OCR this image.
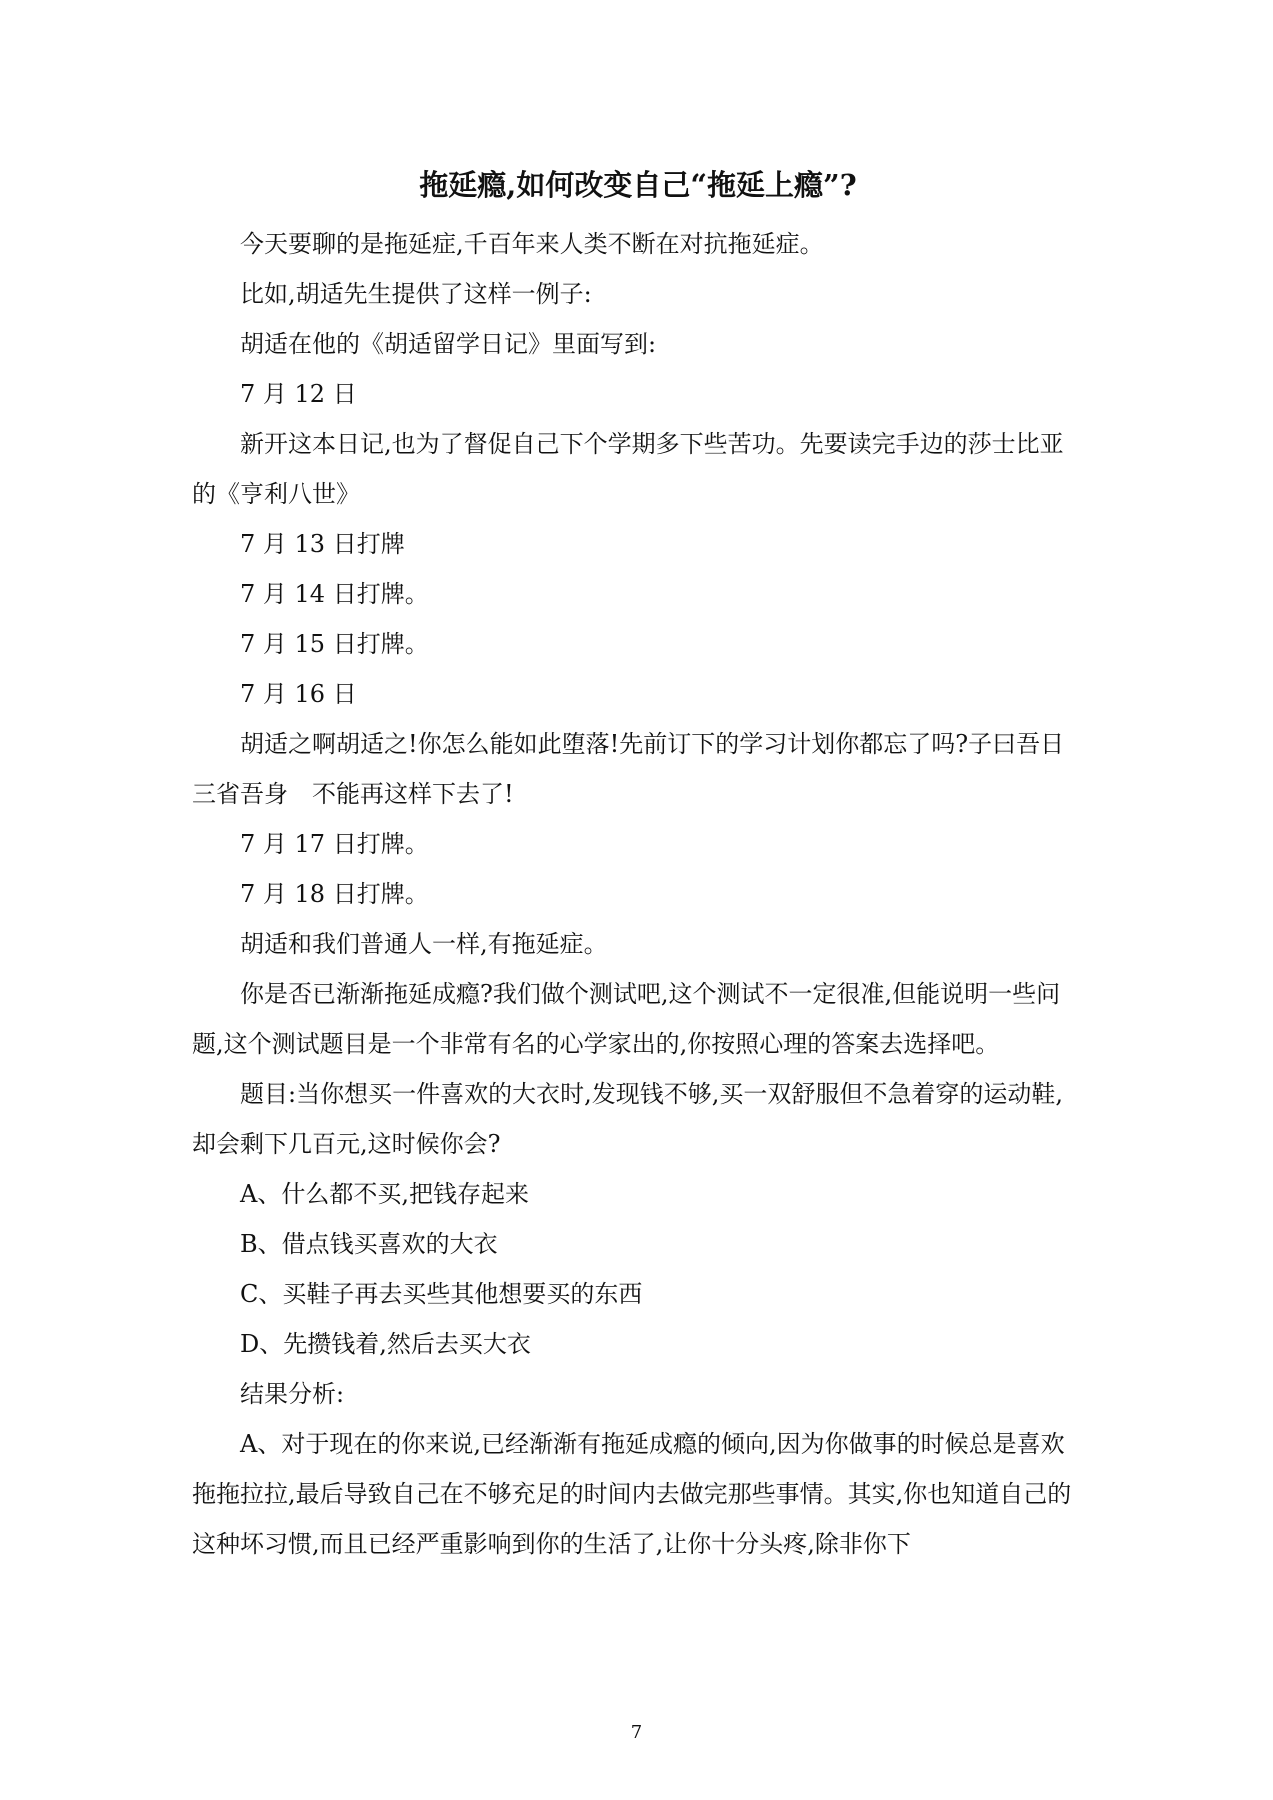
拖延瘾,如何改变自己“拖延上瘾”?

今天要聊的是拖延症,千百年来人类不断在对抗拖延症。

比如,胡适先生提供了这样一例子:

胡适在他的《胡适留学日记》里面写到:

7 月 12 日

新开这本日记,也为了督促自己下个学期多下些苦功。先要读完手边的莎士比亚的《亨利八世》

7 月 13 日打牌

7 月 14 日打牌。

7 月 15 日打牌。

7 月 16 日

胡适之啊胡适之!你怎么能如此堕落!先前订下的学习计划你都忘了吗?子曰吾日三省吾身　不能再这样下去了!

7 月 17 日打牌。

7 月 18 日打牌。

胡适和我们普通人一样,有拖延症。

你是否已渐渐拖延成瘾?我们做个测试吧,这个测试不一定很准,但能说明一些问题,这个测试题目是一个非常有名的心学家出的,你按照心理的答案去选择吧。

题目:当你想买一件喜欢的大衣时,发现钱不够,买一双舒服但不急着穿的运动鞋,却会剩下几百元,这时候你会?

A、什么都不买,把钱存起来

B、借点钱买喜欢的大衣

C、买鞋子再去买些其他想要买的东西

D、先攒钱着,然后去买大衣

结果分析:

A、对于现在的你来说,已经渐渐有拖延成瘾的倾向,因为你做事的时候总是喜欢拖拖拉拉,最后导致自己在不够充足的时间内去做完那些事情。其实,你也知道自己的这种坏习惯,而且已经严重影响到你的生活了,让你十分头疼,除非你下

7
